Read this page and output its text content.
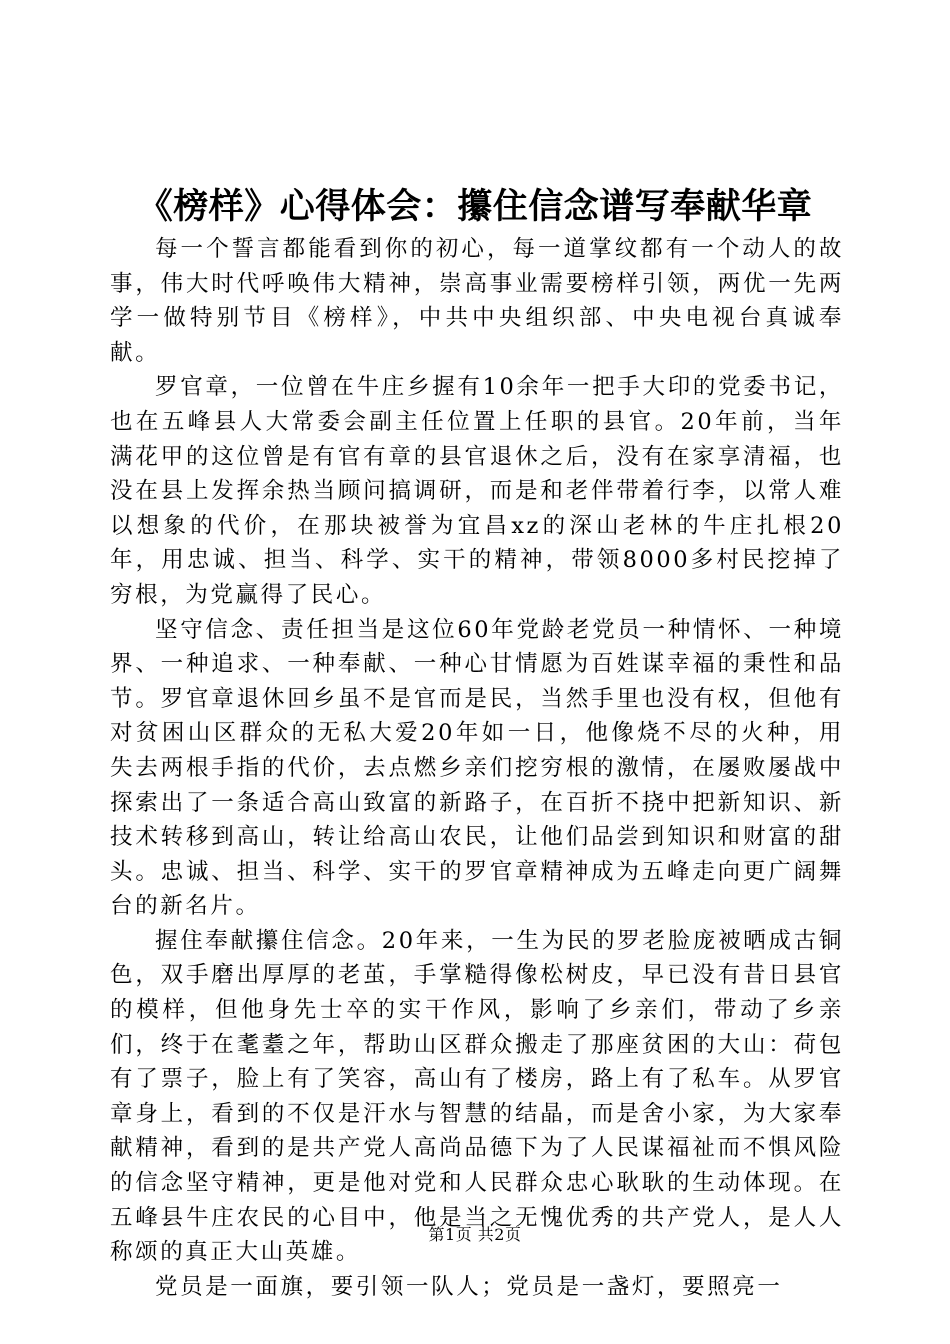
《榜样》心得体会：攥住信念谱写奉献华章

每一个誓言都能看到你的初心，每一道掌纹都有一个动人的故事，伟大时代呼唤伟大精神，崇高事业需要榜样引领，两优一先两学一做特别节目《榜样》，中共中央组织部、中央电视台真诚奉献。

罗官章，一位曾在牛庄乡握有10余年一把手大印的党委书记，也在五峰县人大常委会副主任位置上任职的县官。20年前，当年满花甲的这位曾是有官有章的县官退休之后，没有在家享清福，也没在县上发挥余热当顾问搞调研，而是和老伴带着行李，以常人难以想象的代价，在那块被誉为宜昌xz的深山老林的牛庄扎根20年，用忠诚、担当、科学、实干的精神，带领8000多村民挖掉了穷根，为党赢得了民心。

坚守信念、责任担当是这位60年党龄老党员一种情怀、一种境界、一种追求、一种奉献、一种心甘情愿为百姓谋幸福的秉性和品节。罗官章退休回乡虽不是官而是民，当然手里也没有权，但他有对贫困山区群众的无私大爱20年如一日，他像烧不尽的火种，用失去两根手指的代价，去点燃乡亲们挖穷根的激情，在屡败屡战中探索出了一条适合高山致富的新路子，在百折不挠中把新知识、新技术转移到高山，转让给高山农民，让他们品尝到知识和财富的甜头。忠诚、担当、科学、实干的罗官章精神成为五峰走向更广阔舞台的新名片。

握住奉献攥住信念。20年来，一生为民的罗老脸庞被晒成古铜色，双手磨出厚厚的老茧，手掌糙得像松树皮，早已没有昔日县官的模样，但他身先士卒的实干作风，影响了乡亲们，带动了乡亲们，终于在耄耋之年，帮助山区群众搬走了那座贫困的大山：荷包有了票子，脸上有了笑容，高山有了楼房，路上有了私车。从罗官章身上，看到的不仅是汗水与智慧的结晶，而是舍小家，为大家奉献精神，看到的是共产党人高尚品德下为了人民谋福祉而不惧风险的信念坚守精神，更是他对党和人民群众忠心耿耿的生动体现。在五峰县牛庄农民的心目中，他是当之无愧优秀的共产党人，是人人称颂的真正大山英雄。

党员是一面旗，要引领一队人；党员是一盏灯，要照亮一

第1页 共2页
